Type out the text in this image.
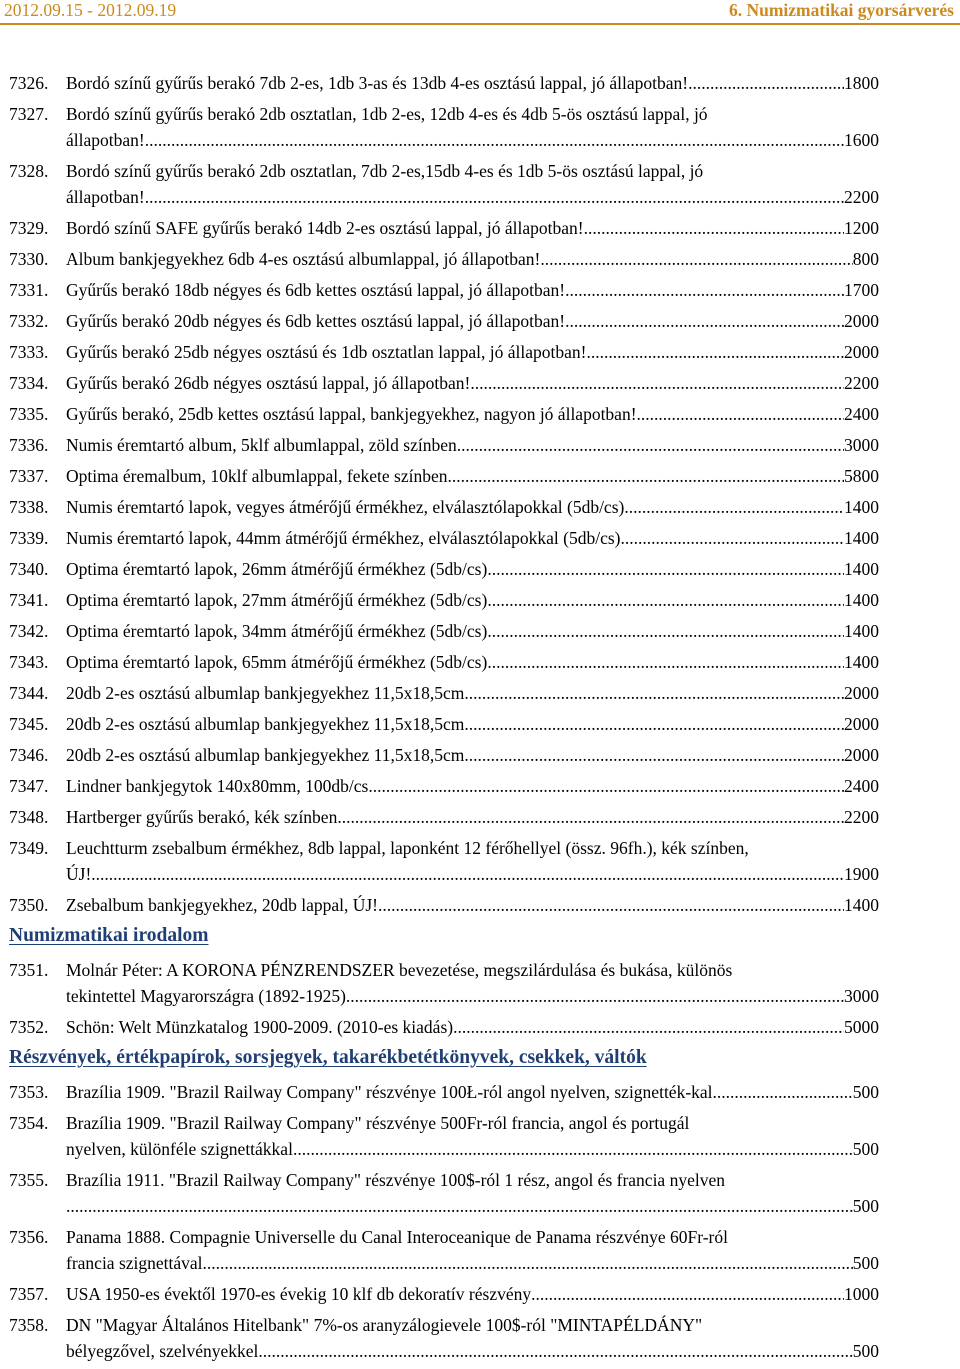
2012.09.15 - 2012.09.19	6. Numizmatikai gyorsárverés
7326.	Bordó színű gyűrűs berakó 7db 2-es, 1db 3-as és 13db 4-es osztású lappal, jó állapotban! .....	1800
7327.	Bordó színű gyűrűs berakó 2db osztatlan, 1db 2-es, 12db 4-es és 4db 5-ös osztású lappal, jó
állapotban! .....	1600
7328.	Bordó színű gyűrűs berakó 2db osztatlan, 7db 2-es,15db 4-es és 1db 5-ös osztású lappal, jó
állapotban! .....	2200
7329.	Bordó színű SAFE gyűrűs berakó 14db 2-es osztású lappal, jó állapotban! .....	1200
7330.	Album bankjegyekhez 6db 4-es osztású albumlappal, jó állapotban! .....	800
7331.	Gyűrűs berakó 18db négyes és 6db kettes osztású lappal, jó állapotban! .....	1700
7332.	Gyűrűs berakó 20db négyes és 6db kettes osztású lappal, jó állapotban! .....	2000
7333.	Gyűrűs berakó 25db négyes osztású és 1db osztatlan lappal, jó állapotban! .....	2000
7334.	Gyűrűs berakó 26db négyes osztású lappal, jó állapotban! .....	2200
7335.	Gyűrűs berakó, 25db kettes osztású lappal, bankjegyekhez, nagyon jó állapotban! .....	2400
7336.	Numis éremtartó album, 5klf albumlappal, zöld színben .....	3000
7337.	Optima éremalbum, 10klf albumlappal, fekete színben .....	5800
7338.	Numis éremtartó lapok, vegyes átmérőjű érmékhez, elválasztólapokkal (5db/cs) .....	1400
7339.	Numis éremtartó lapok, 44mm átmérőjű érmékhez, elválasztólapokkal (5db/cs) .....	1400
7340.	Optima éremtartó lapok, 26mm átmérőjű érmékhez (5db/cs) .....	1400
7341.	Optima éremtartó lapok, 27mm átmérőjű érmékhez (5db/cs) .....	1400
7342.	Optima éremtartó lapok, 34mm átmérőjű érmékhez (5db/cs) .....	1400
7343.	Optima éremtartó lapok, 65mm átmérőjű érmékhez (5db/cs) .....	1400
7344.	20db 2-es osztású albumlap bankjegyekhez 11,5x18,5cm .....	2000
7345.	20db 2-es osztású albumlap bankjegyekhez 11,5x18,5cm .....	2000
7346.	20db 2-es osztású albumlap bankjegyekhez 11,5x18,5cm .....	2000
7347.	Lindner bankjegytok 140x80mm, 100db/cs .....	2400
7348.	Hartberger gyűrűs berakó, kék színben .....	2200
7349.	Leuchtturm zsebalbum érmékhez, 8db lappal, laponként 12 férőhellyel (össz. 96fh.), kék színben,
ÚJ! .....	1900
7350.	Zsebalbum bankjegyekhez, 20db lappal, ÚJ! .....	1400
Numizmatikai irodalom
7351.	Molnár Péter: A KORONA PÉNZRENDSZER bevezetése, megszilárdulása és bukása, különös
tekintettel Magyarországra (1892-1925) .....	3000
7352.	Schön: Welt Münzkatalog 1900-2009. (2010-es kiadás) .....	5000
Részvények, értékpapírok, sorsjegyek, takarékbetétkönyvek, csekkek, váltók
7353.	Brazília 1909. "Brazil Railway Company" részvénye 100Ł-ról angol nyelven, szignették-kal .....	500
7354.	Brazília 1909. "Brazil Railway Company" részvénye 500Fr-ról francia, angol és portugál
nyelven, különféle szignettákkal .....	500
7355.	Brazília 1911. "Brazil Railway Company" részvénye 100$-ról 1 rész, angol és francia nyelven
.....
500
7356.	Panama 1888. Compagnie Universelle du Canal Interoceanique de Panama részvénye 60Fr-ról
francia szignettával .....	500
7357.	USA 1950-es évektől 1970-es évekig 10 klf db dekoratív részvény .....	1000
7358.	DN "Magyar Általános Hitelbank" 7%-os aranyzálogievele 100$-ról "MINTAPÉLDÁNY"
bélyegzővel, szelvényekkel .....	500
